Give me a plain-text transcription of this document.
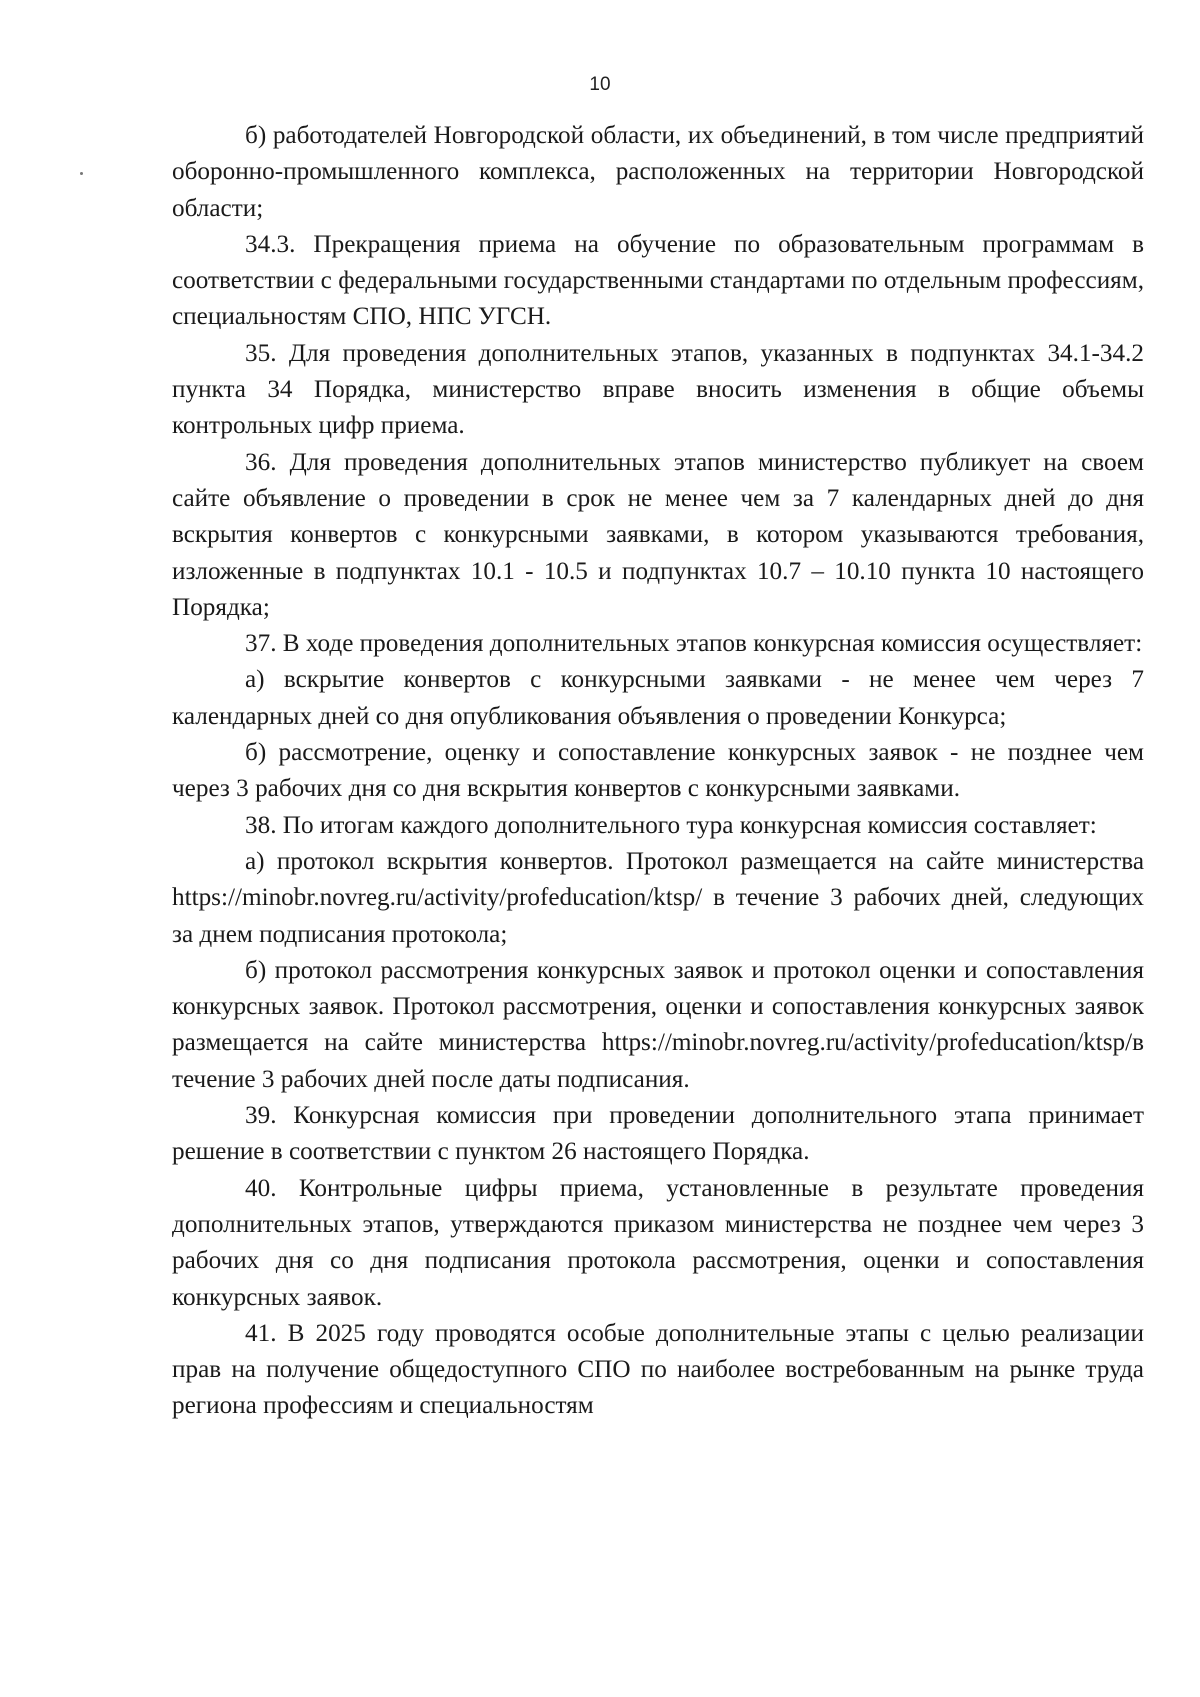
10

б) работодателей Новгородской области, их объединений, в том числе предприятий оборонно-промышленного комплекса, расположенных на территории Новгородской области;

34.3. Прекращения приема на обучение по образовательным программам в соответствии с федеральными государственными стандартами по отдельным профессиям, специальностям СПО, НПС УГСН.

35. Для проведения дополнительных этапов, указанных в подпунктах 34.1-34.2 пункта 34 Порядка, министерство вправе вносить изменения в общие объемы контрольных цифр приема.

36. Для проведения дополнительных этапов министерство публикует на своем сайте объявление о проведении в срок не менее чем за 7 календарных дней до дня вскрытия конвертов с конкурсными заявками, в котором указываются требования, изложенные в подпунктах 10.1 - 10.5 и подпунктах 10.7 – 10.10 пункта 10 настоящего Порядка;

37. В ходе проведения дополнительных этапов конкурсная комиссия осуществляет:

а) вскрытие конвертов с конкурсными заявками - не менее чем через 7 календарных дней со дня опубликования объявления о проведении Конкурса;

б) рассмотрение, оценку и сопоставление конкурсных заявок - не позднее чем через 3 рабочих дня со дня вскрытия конвертов с конкурсными заявками.

38. По итогам каждого дополнительного тура конкурсная комиссия составляет:

а) протокол вскрытия конвертов. Протокол размещается на сайте министерства https://minobr.novreg.ru/activity/profeducation/ktsp/ в течение 3 рабочих дней, следующих за днем подписания протокола;

б) протокол рассмотрения конкурсных заявок и протокол оценки и сопоставления конкурсных заявок. Протокол рассмотрения, оценки и сопоставления конкурсных заявок размещается на сайте министерства https://minobr.novreg.ru/activity/profeducation/ktsp/в течение 3 рабочих дней после даты подписания.

39. Конкурсная комиссия при проведении дополнительного этапа принимает решение в соответствии с пунктом 26 настоящего Порядка.

40. Контрольные цифры приема, установленные в результате проведения дополнительных этапов, утверждаются приказом министерства не позднее чем через 3 рабочих дня со дня подписания протокола рассмотрения, оценки и сопоставления конкурсных заявок.

41. В 2025 году проводятся особые дополнительные этапы с целью реализации прав на получение общедоступного СПО по наиболее востребованным на рынке труда региона профессиям и специальностям
